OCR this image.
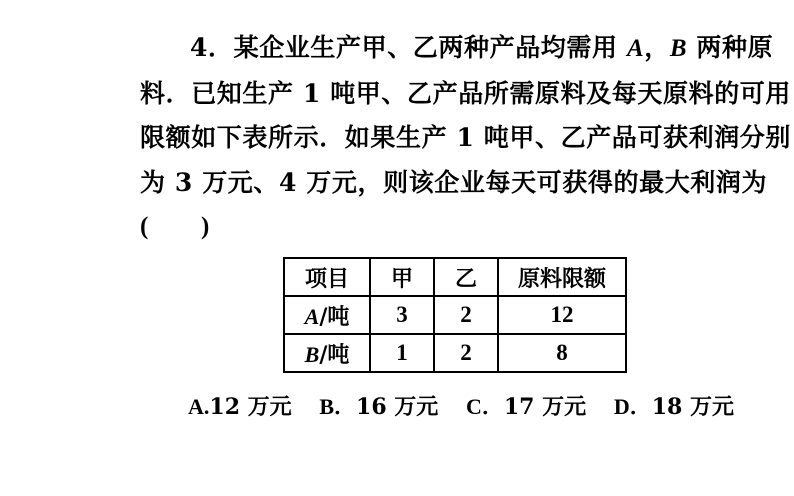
4．某企业生产甲、乙两种产品均需用 A，B 两种原
料．已知生产 1 吨甲、乙产品所需原料及每天原料的可用
限额如下表所示．如果生产 1 吨甲、乙产品可获利润分别
为 3 万元、4 万元，则该企业每天可获得的最大利润为
( )
项目	甲	乙	原料限额
A/吨	3	2	12
B/吨	1	2	8
A.12 万元 B．16 万元 C．17 万元 D．18 万元
